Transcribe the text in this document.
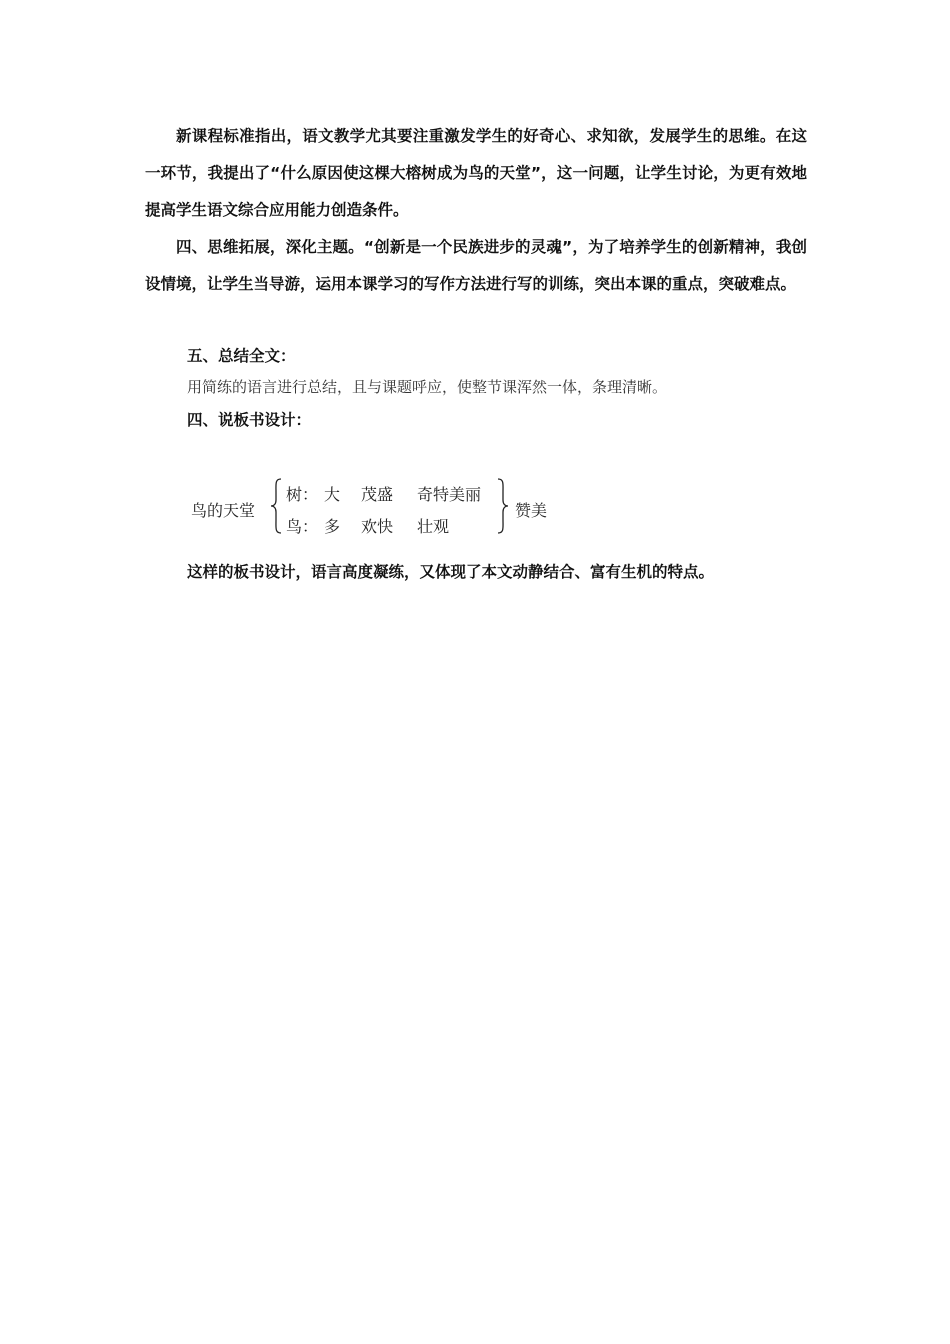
新课程标准指出，语文教学尤其要注重激发学生的好奇心、求知欲，发展学生的思维。在这一环节，我提出了“什么原因使这棵大榕树成为鸟的天堂”，这一问题，让学生讨论，为更有效地提高学生语文综合应用能力创造条件。

四、思维拓展，深化主题。“创新是一个民族进步的灵魂”，为了培养学生的创新精神，我创设情境，让学生当导游，运用本课学习的写作方法进行写的训练，突出本课的重点，突破难点。

五、总结全文：

用简练的语言进行总结，且与课题呼应，使整节课浑然一体，条理清晰。

四、说板书设计：

鸟的天堂
树： 大 茂盛 奇特美丽
鸟： 多 欢快 壮观
赞美

这样的板书设计，语言高度凝练，又体现了本文动静结合、富有生机的特点。
